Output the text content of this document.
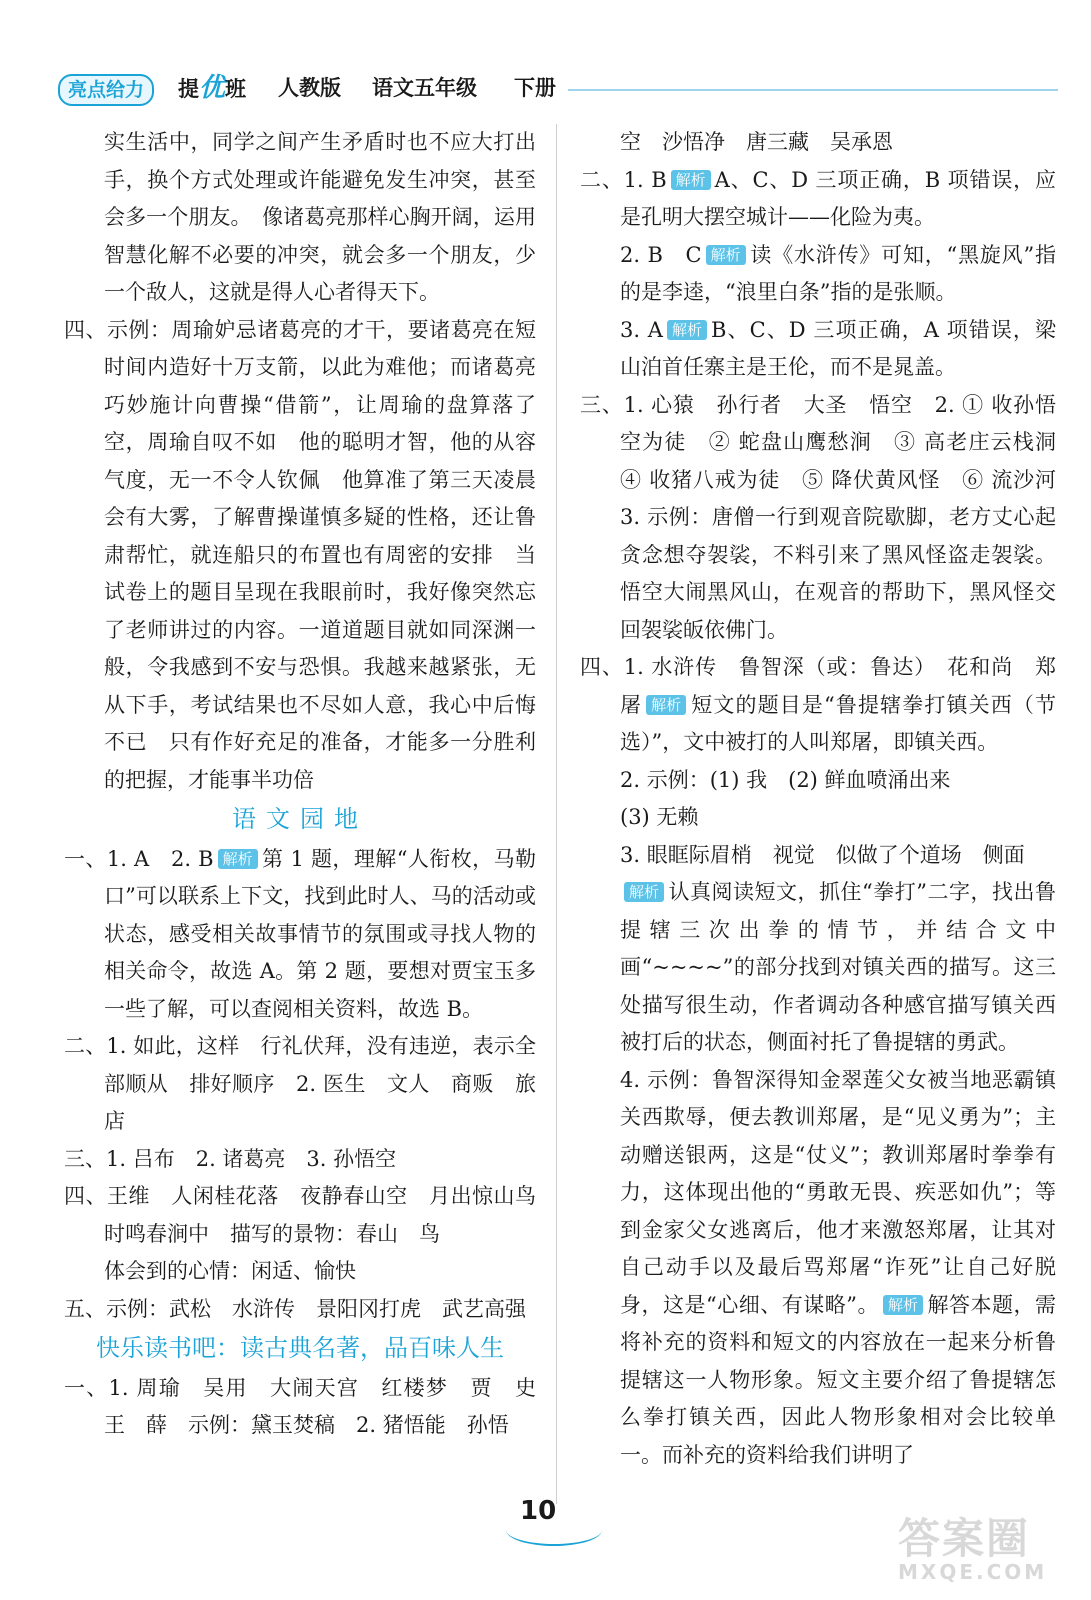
亮点给力	提优班 人教版 语文五年级 下册

实生活中，同学之间产生矛盾时也不应大打出手，换个方式处理或许能避免发生冲突，甚至会多一个朋友。　像诸葛亮那样心胸开阔，运用智慧化解不必要的冲突，就会多一个朋友，少一个敌人，这就是得人心者得天下。

四、示例：周瑜妒忌诸葛亮的才干，要诸葛亮在短时间内造好十万支箭，以此为难他；而诸葛亮巧妙施计向曹操“借箭”，让周瑜的盘算落了空，周瑜自叹不如　他的聪明才智，他的从容气度，无一不令人钦佩　他算准了第三天凌晨会有大雾，了解曹操谨慎多疑的性格，还让鲁肃帮忙，就连船只的布置也有周密的安排　当试卷上的题目呈现在我眼前时，我好像突然忘了老师讲过的内容。一道道题目就如同深渊一般，令我感到不安与恐惧。我越来越紧张，无从下手，考试结果也不尽如人意，我心中后悔不已　只有作好充足的准备，才能多一分胜利的把握，才能事半功倍

语文园地

一、1. A　2. B 解析 第 1 题，理解“人衔枚，马勒口”可以联系上下文，找到此时人、马的活动或状态，感受相关故事情节的氛围或寻找人物的相关命令，故选 A。第 2 题，要想对贾宝玉多一些了解，可以查阅相关资料，故选 B。

二、1. 如此，这样　行礼伏拜，没有违逆，表示全部顺从　排好顺序　2. 医生　文人　商贩　旅店

三、1. 吕布　2. 诸葛亮　3. 孙悟空

四、王维　人闲桂花落　夜静春山空　月出惊山鸟　时鸣春涧中　描写的景物：春山　鸟

体会到的心情：闲适、愉快

五、示例：武松　水浒传　景阳冈打虎　武艺高强

快乐读书吧：读古典名著，品百味人生

一、1. 周瑜　吴用　大闹天宫　红楼梦　贾　史　王　薛　示例：黛玉焚稿　2. 猪悟能　孙悟

空　沙悟净　唐三藏　吴承恩

二、1. B 解析 A、C、D 三项正确，B 项错误，应是孔明大摆空城计——化险为夷。

2. B　C 解析 读《水浒传》可知，“黑旋风”指的是李逵，“浪里白条”指的是张顺。

3. A 解析 B、C、D 三项正确，A 项错误，梁山泊首任寨主是王伦，而不是晁盖。

三、1. 心猿　孙行者　大圣　悟空　2. ① 收孙悟空为徒　② 蛇盘山鹰愁涧　③ 高老庄云栈洞　④ 收猪八戒为徒　⑤ 降伏黄风怪　⑥ 流沙河　3. 示例：唐僧一行到观音院歇脚，老方丈心起贪念想夺袈裟，不料引来了黑风怪盗走袈裟。悟空大闹黑风山，在观音的帮助下，黑风怪交回袈裟皈依佛门。

四、1. 水浒传　鲁智深（或：鲁达）　花和尚　郑屠 解析 短文的题目是“鲁提辖拳打镇关西（节选）”，文中被打的人叫郑屠，即镇关西。

2. 示例：(1) 我　(2) 鲜血喷涌出来

(3) 无赖

3. 眼眶际眉梢　视觉　似做了个道场　侧面

解析 认真阅读短文，抓住“拳打”二字，找出鲁提辖三次出拳的情节，并结合文中画“~~~~”的部分找到对镇关西的描写。这三处描写很生动，作者调动各种感官描写镇关西被打后的状态，侧面衬托了鲁提辖的勇武。

4. 示例：鲁智深得知金翠莲父女被当地恶霸镇关西欺辱，便去教训郑屠，是“见义勇为”；主动赠送银两，这是“仗义”；教训郑屠时拳拳有力，这体现出他的“勇敢无畏、疾恶如仇”；等到金家父女逃离后，他才来激怒郑屠，让其对自己动手以及最后骂郑屠“诈死”让自己好脱身，这是“心细、有谋略”。 解析 解答本题，需将补充的资料和短文的内容放在一起来分析鲁提辖这一人物形象。短文主要介绍了鲁提辖怎么拳打镇关西，因此人物形象相对会比较单一。而补充的资料给我们讲明了

10
答案圈
MXQE.COM
